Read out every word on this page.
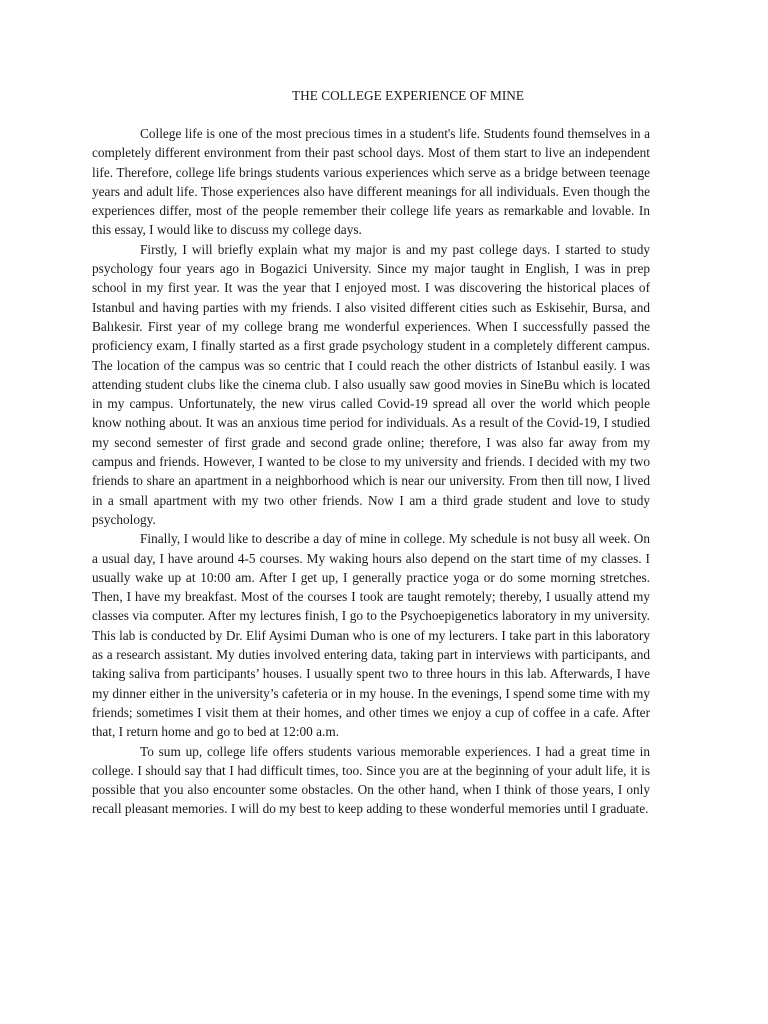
THE COLLEGE EXPERIENCE OF MINE

College life is one of the most precious times in a student's life. Students found themselves in a completely different environment from their past school days. Most of them start to live an independent life. Therefore, college life brings students various experiences which serve as a bridge between teenage years and adult life. Those experiences also have different meanings for all individuals. Even though the experiences differ, most of the people remember their college life years as remarkable and lovable. In this essay, I would like to discuss my college days.

Firstly, I will briefly explain what my major is and my past college days. I started to study psychology four years ago in Bogazici University. Since my major taught in English, I was in prep school in my first year. It was the year that I enjoyed most. I was discovering the historical places of Istanbul and having parties with my friends. I also visited different cities such as Eskisehir, Bursa, and Balıkesir. First year of my college brang me wonderful experiences. When I successfully passed the proficiency exam, I finally started as a first grade psychology student in a completely different campus. The location of the campus was so centric that I could reach the other districts of Istanbul easily. I was attending student clubs like the cinema club. I also usually saw good movies in SineBu which is located in my campus. Unfortunately, the new virus called Covid-19 spread all over the world which people know nothing about. It was an anxious time period for individuals. As a result of the Covid-19, I studied my second semester of first grade and second grade online; therefore, I was also far away from my campus and friends. However, I wanted to be close to my university and friends. I decided with my two friends to share an apartment in a neighborhood which is near our university. From then till now, I lived in a small apartment with my two other friends. Now I am a third grade student and love to study psychology.

Finally, I would like to describe a day of mine in college. My schedule is not busy all week. On a usual day, I have around 4-5 courses. My waking hours also depend on the start time of my classes. I usually wake up at 10:00 am. After I get up, I generally practice yoga or do some morning stretches. Then, I have my breakfast. Most of the courses I took are taught remotely; thereby, I usually attend my classes via computer. After my lectures finish, I go to the Psychoepigenetics laboratory in my university. This lab is conducted by Dr. Elif Aysimi Duman who is one of my lecturers. I take part in this laboratory as a research assistant. My duties involved entering data, taking part in interviews with participants, and taking saliva from participants’ houses. I usually spent two to three hours in this lab. Afterwards, I have my dinner either in the university’s cafeteria or in my house. In the evenings, I spend some time with my friends; sometimes I visit them at their homes, and other times we enjoy a cup of coffee in a cafe. After that, I return home and go to bed at 12:00 a.m.

To sum up, college life offers students various memorable experiences. I had a great time in college. I should say that I had difficult times, too. Since you are at the beginning of your adult life, it is possible that you also encounter some obstacles. On the other hand, when I think of those years, I only recall pleasant memories. I will do my best to keep adding to these wonderful memories until I graduate.
